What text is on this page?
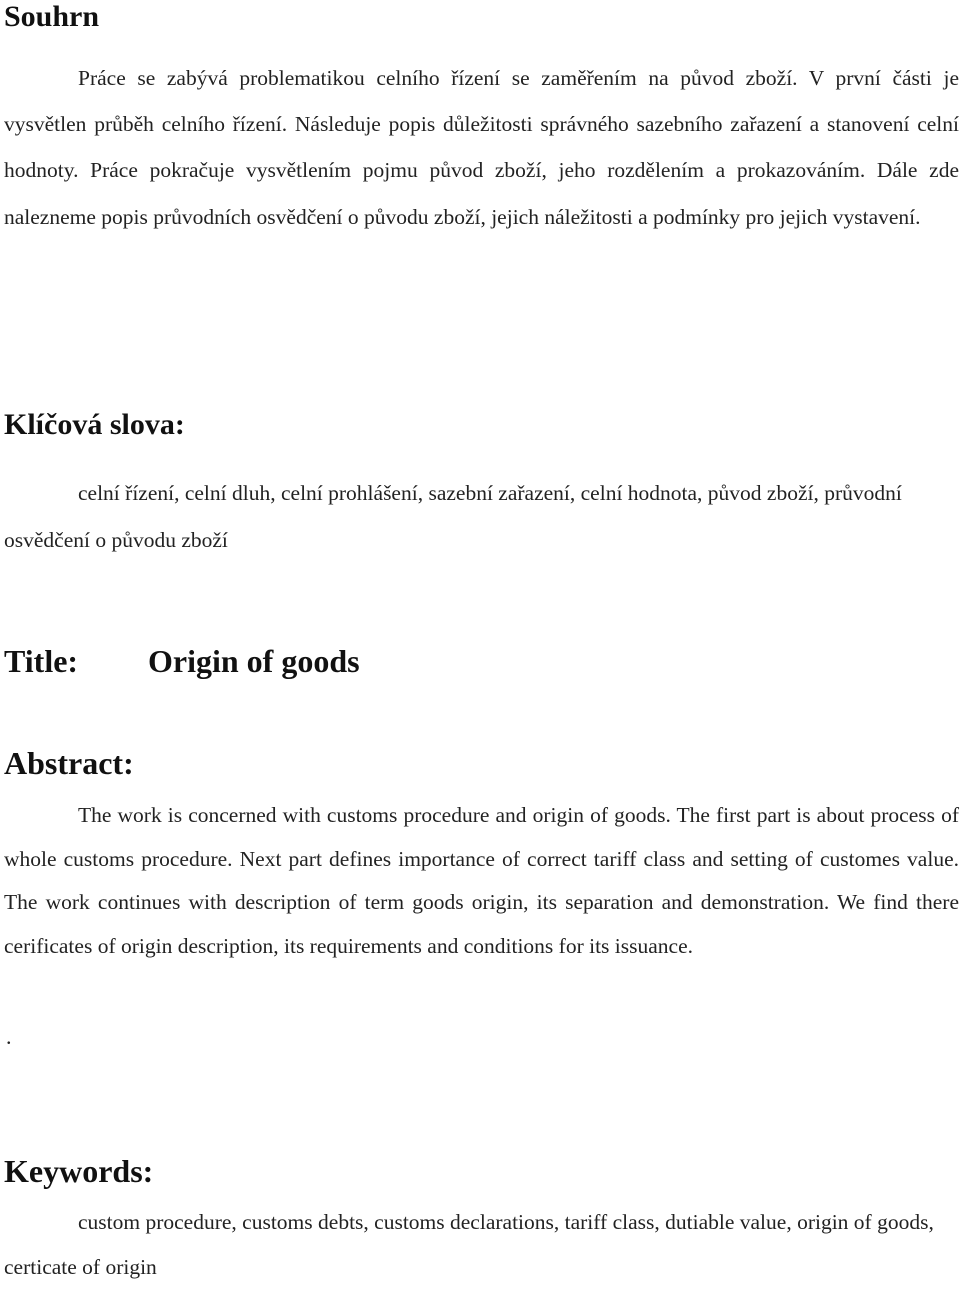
Souhrn

Práce se zabývá problematikou celního řízení se zaměřením na původ zboží. V první části je vysvětlen průběh celního řízení. Následuje popis důležitosti správného sazebního zařazení a stanovení celní hodnoty. Práce pokračuje vysvětlením pojmu původ zboží, jeho rozdělením a prokazováním. Dále zde nalezneme popis průvodních osvědčení o původu zboží, jejich náležitosti a podmínky pro jejich vystavení.

Klíčová slova:

celní řízení, celní dluh, celní prohlášení, sazební zařazení, celní hodnota, původ zboží, průvodní osvědčení o původu zboží

Title: Origin of goods
Abstract:

The work is concerned with customs procedure and origin of goods. The first part is about process of whole customs procedure. Next part defines importance of correct tariff class and setting of customes value. The work continues with description of term goods origin, its separation and demonstration. We find there cerificates of origin description, its requirements and conditions for its issuance.

.

Keywords:

custom procedure, customs debts, customs declarations, tariff class, dutiable value, origin of goods, certicate of origin
